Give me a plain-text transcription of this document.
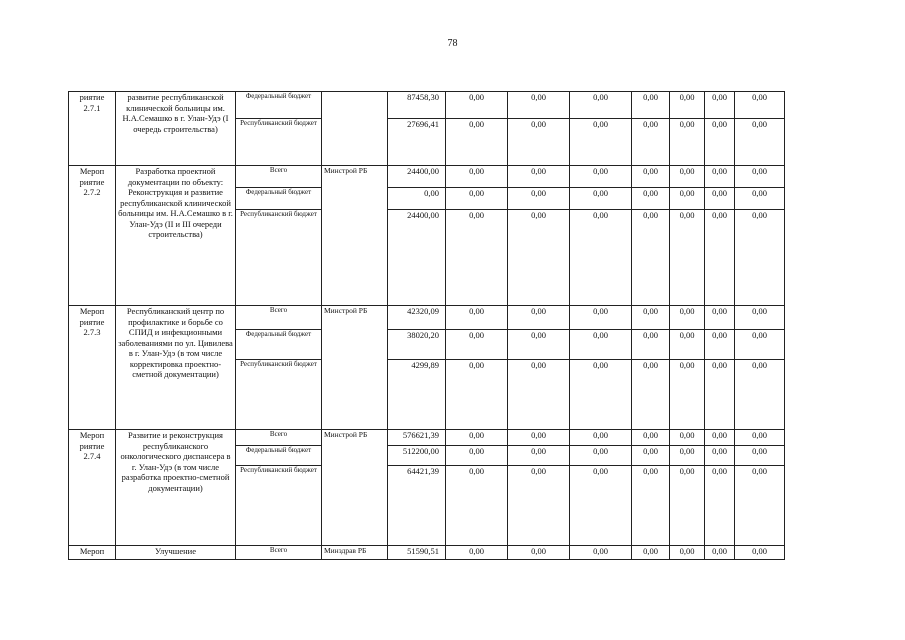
78
риятие 2.7.1	развитие республиканской клинической больницы им. Н.А.Семашко в г. Улан-Удэ (I очередь строительства)	Федеральный бюджет		87458,30	0,00	0,00	0,00	0,00	0,00	0,00	0,00
		Республиканский бюджет		27696,41	0,00	0,00	0,00	0,00	0,00	0,00	0,00
Мероп риятие 2.7.2	Разработка проектной документации по объекту: Реконструкция и развитие республиканской клинической больницы им. Н.А.Семашко в г. Улан-Удэ (II и III очереди строительства)	Всего	Минстрой РБ	24400,00	0,00	0,00	0,00	0,00	0,00	0,00	0,00
		Федеральный бюджет		0,00	0,00	0,00	0,00	0,00	0,00	0,00	0,00
		Республиканский бюджет		24400,00	0,00	0,00	0,00	0,00	0,00	0,00	0,00
Мероп риятие 2.7.3	Республиканский центр по профилактике и борьбе со СПИД и инфекционными заболеваниями по ул. Цивилева в г. Улан-Удэ (в том числе корректировка проектно-сметной документации)	Всего	Минстрой РБ	42320,09	0,00	0,00	0,00	0,00	0,00	0,00	0,00
		Федеральный бюджет		38020,20	0,00	0,00	0,00	0,00	0,00	0,00	0,00
		Республиканский бюджет		4299,89	0,00	0,00	0,00	0,00	0,00	0,00	0,00
Мероп риятие 2.7.4	Развитие и реконструкция республиканского онкологического диспансера в г. Улан-Удэ (в том числе разработка проектно-сметной документации)	Всего	Минстрой РБ	576621,39	0,00	0,00	0,00	0,00	0,00	0,00	0,00
		Федеральный бюджет		512200,00	0,00	0,00	0,00	0,00	0,00	0,00	0,00
		Республиканский бюджет		64421,39	0,00	0,00	0,00	0,00	0,00	0,00	0,00
Мероп	Улучшение	Всего	Минздрав РБ	51590,51	0,00	0,00	0,00	0,00	0,00	0,00	0,00
